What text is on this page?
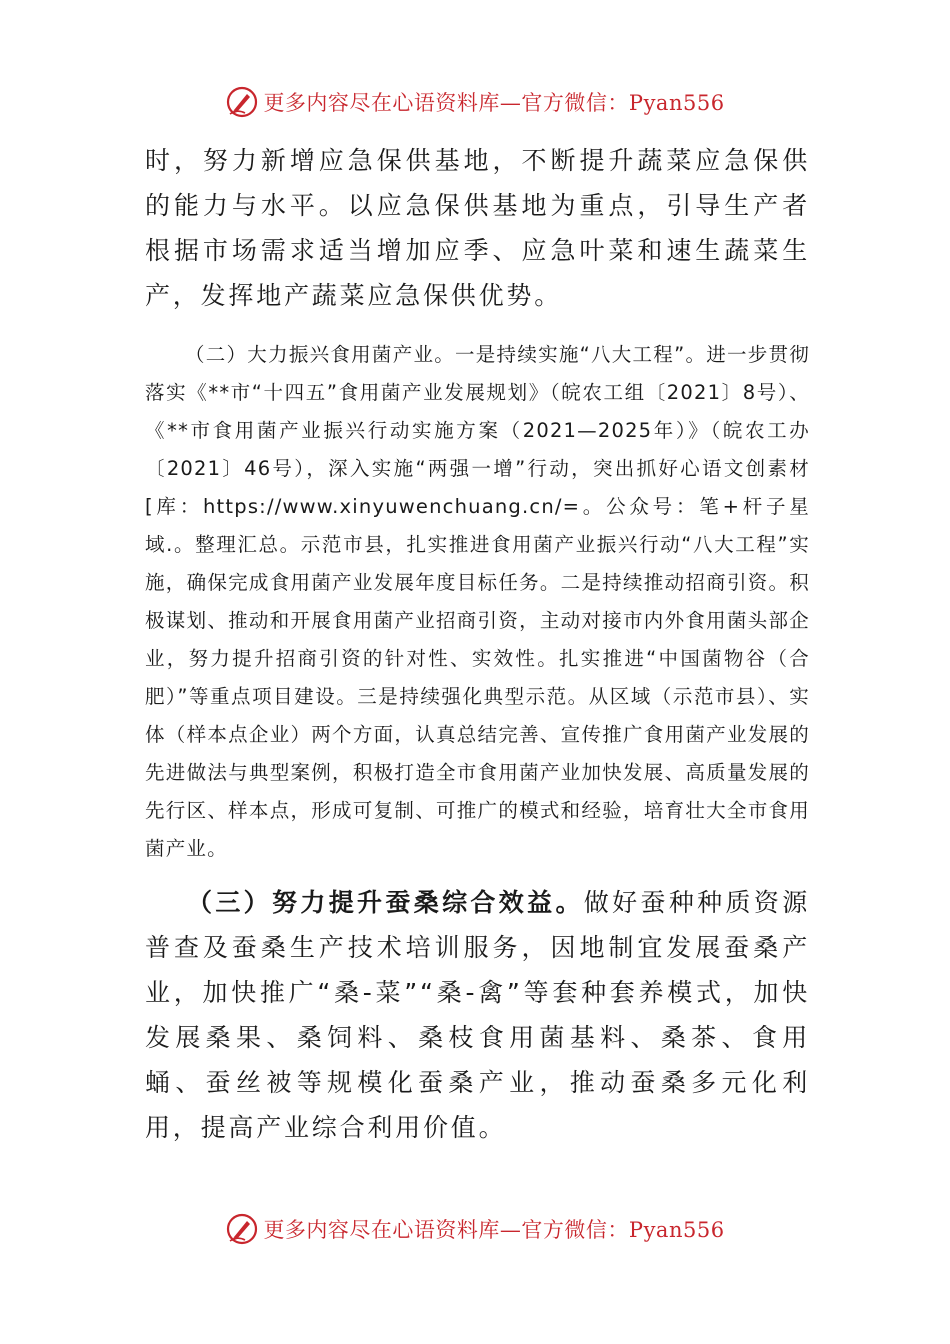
更多内容尽在心语资料库—官方微信：Pyan556

时，努力新增应急保供基地，不断提升蔬菜应急保供的能力与水平。以应急保供基地为重点，引导生产者根据市场需求适当增加应季、应急叶菜和速生蔬菜生产，发挥地产蔬菜应急保供优势。

（二）大力振兴食用菌产业。一是持续实施“八大工程”。进一步贯彻落实《**市“十四五”食用菌产业发展规划》（皖农工组〔2021〕8号）、《**市食用菌产业振兴行动实施方案（2021—2025年）》（皖农工办〔2021〕46号），深入实施“两强一增”行动，突出抓好心语文创素材[库：https://www.xinyuwenchuang.cn/=。公众号：笔+杆子星域.。整理汇总。示范市县，扎实推进食用菌产业振兴行动“八大工程”实施，确保完成食用菌产业发展年度目标任务。二是持续推动招商引资。积极谋划、推动和开展食用菌产业招商引资，主动对接市内外食用菌头部企业，努力提升招商引资的针对性、实效性。扎实推进“中国菌物谷（合肥）”等重点项目建设。三是持续强化典型示范。从区域（示范市县）、实体（样本点企业）两个方面，认真总结完善、宣传推广食用菌产业发展的先进做法与典型案例，积极打造全市食用菌产业加快发展、高质量发展的先行区、样本点，形成可复制、可推广的模式和经验，培育壮大全市食用菌产业。

（三）努力提升蚕桑综合效益。做好蚕种种质资源普查及蚕桑生产技术培训服务，因地制宜发展蚕桑产业，加快推广“桑-菜”“桑-禽”等套种套养模式，加快发展桑果、桑饲料、桑枝食用菌基料、桑茶、食用蛹、蚕丝被等规模化蚕桑产业，推动蚕桑多元化利用，提高产业综合利用价值。

更多内容尽在心语资料库—官方微信：Pyan556
